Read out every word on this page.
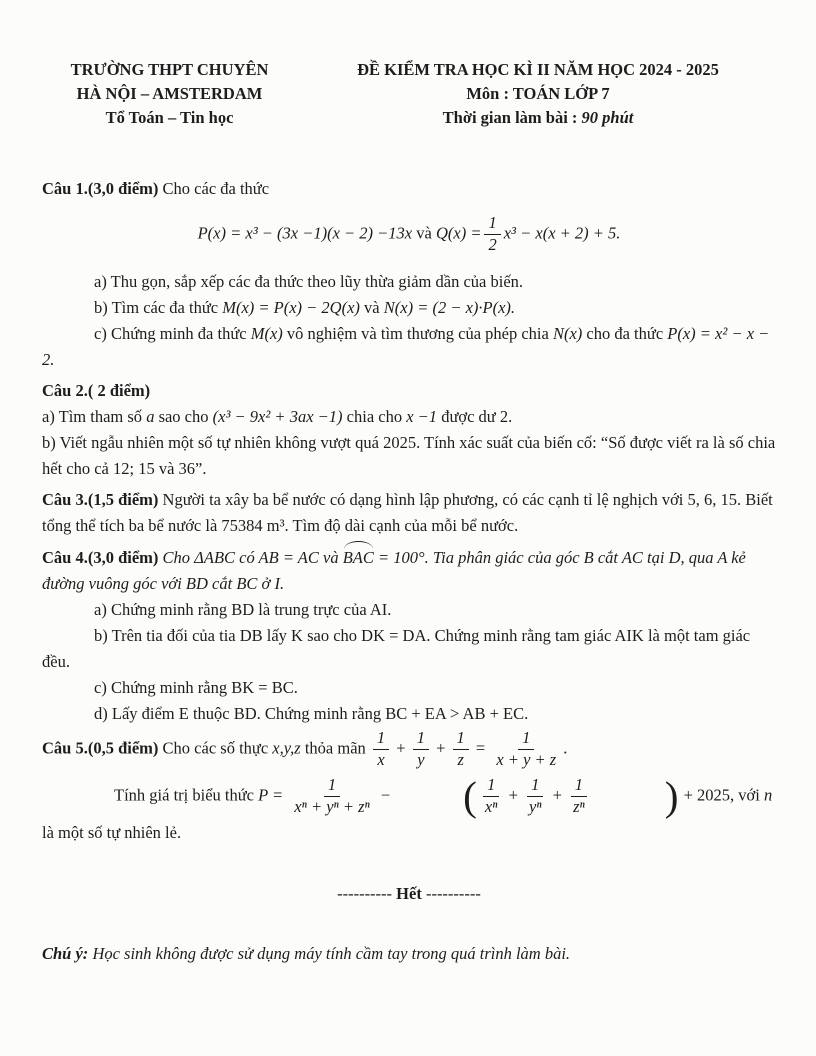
TRƯỜNG THPT CHUYÊN
HÀ NỘI – AMSTERDAM
Tổ Toán – Tin học
ĐỀ KIỂM TRA HỌC KÌ II NĂM HỌC 2024 - 2025
Môn : TOÁN LỚP 7
Thời gian làm bài : 90 phút

Câu 1.(3,0 điểm) Cho các đa thức

P(x) = x³ − (3x −1)(x − 2) −13x và $Q(x) = \frac{1}{2} x^3 - x(x + 2) + 5$.

a) Thu gọn, sắp xếp các đa thức theo lũy thừa giảm dần của biến.

b) Tìm các đa thức M(x) = P(x) − 2Q(x) và N(x) = (2 − x)·P(x).

c) Chứng minh đa thức M(x) vô nghiệm và tìm thương của phép chia N(x) cho đa thức P(x) = x² − x − 2.

Câu 2.( 2 điểm)

a) Tìm tham số a sao cho (x³ − 9x² + 3ax −1) chia cho x −1 được dư 2.

b) Viết ngẫu nhiên một số tự nhiên không vượt quá 2025. Tính xác suất của biến cố: “Số được viết ra là số chia hết cho cả 12; 15 và 36”.

Câu 3.(1,5 điểm) Người ta xây ba bể nước có dạng hình lập phương, có các cạnh tỉ lệ nghịch với 5, 6, 15. Biết tổng thể tích ba bể nước là 75384 m³. Tìm độ dài cạnh của mỗi bể nước.

Câu 4.(3,0 điểm) Cho ΔABC có AB = AC và BAC = 100°. Tia phân giác của góc B cắt AC tại D, qua A kẻ đường vuông góc với BD cắt BC ở I.

a) Chứng minh rằng BD là trung trực của AI.

b) Trên tia đối của tia DB lấy K sao cho DK = DA. Chứng minh rằng tam giác AIK là một tam giác đều.

c) Chứng minh rằng BK = BC.

d) Lấy điểm E thuộc BD. Chứng minh rằng BC + EA > AB + EC.

Câu 5.(0,5 điểm) Cho các số thực x,y,z thỏa mãn $\frac{1}{x} + \frac{1}{y} + \frac{1}{z} = \frac{1}{x + y + z}$ .

Tính giá trị biểu thức $P = \frac{1}{\text{xⁿ + yⁿ + zⁿ}}$ − ( $\frac{1}{\text{xⁿ}} + \frac{1}{\text{yⁿ}} + \frac{1}{\text{zⁿ}}$ ) + 2025, với n là một số tự nhiên lẻ.

---------- Hết ----------

Chú ý: Học sinh không được sử dụng máy tính cầm tay trong quá trình làm bài.
